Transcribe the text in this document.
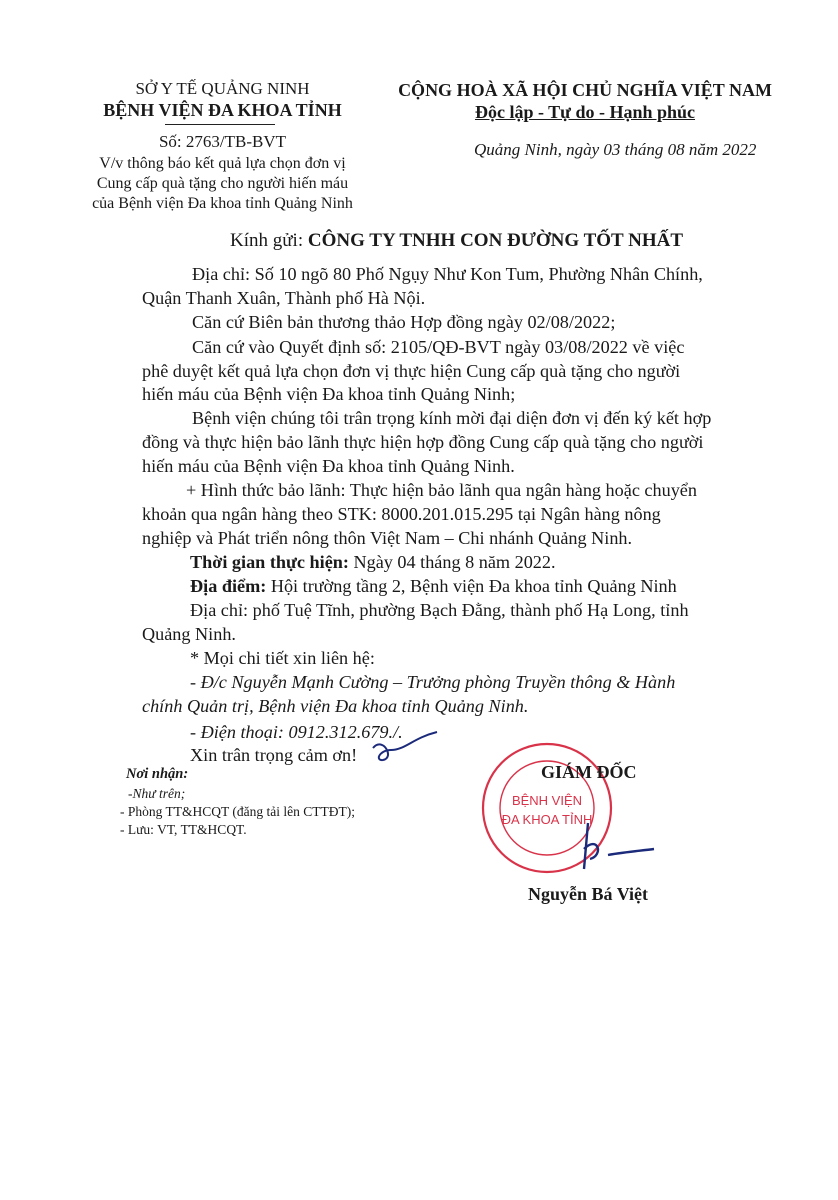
SỞ Y TẾ QUẢNG NINH
BỆNH VIỆN ĐA KHOA TỈNH
Số: 2763/TB-BVT
V/v thông báo kết quả lựa chọn đơn vị
Cung cấp quà tặng cho người hiến máu
của Bệnh viện Đa khoa tỉnh Quảng Ninh
CỘNG HOÀ XÃ HỘI CHỦ NGHĨA VIỆT NAM
Độc lập - Tự do - Hạnh phúc
Quảng Ninh, ngày 03 tháng 08 năm 2022
Kính gửi: CÔNG TY TNHH CON ĐƯỜNG TỐT NHẤT
Địa chỉ: Số 10 ngõ 80 Phố Ngụy Như Kon Tum, Phường Nhân Chính,
Quận Thanh Xuân, Thành phố Hà Nội.
Căn cứ Biên bản thương thảo Hợp đồng ngày 02/08/2022;
Căn cứ vào Quyết định số: 2105/QĐ-BVT ngày 03/08/2022 về việc
phê duyệt kết quả lựa chọn đơn vị thực hiện Cung cấp quà tặng cho người
hiến máu của Bệnh viện Đa khoa tỉnh Quảng Ninh;
Bệnh viện chúng tôi trân trọng kính mời đại diện đơn vị đến ký kết hợp
đồng và thực hiện bảo lãnh thực hiện hợp đồng Cung cấp quà tặng cho người
hiến máu của Bệnh viện Đa khoa tỉnh Quảng Ninh.
+ Hình thức bảo lãnh: Thực hiện bảo lãnh qua ngân hàng hoặc chuyển
khoản qua ngân hàng theo STK: 8000.201.015.295 tại Ngân hàng nông
nghiệp và Phát triển nông thôn Việt Nam – Chi nhánh Quảng Ninh.
Thời gian thực hiện: Ngày 04 tháng 8 năm 2022.
Địa điểm: Hội trường tầng 2, Bệnh viện Đa khoa tỉnh Quảng Ninh
Địa chỉ: phố Tuệ Tĩnh, phường Bạch Đằng, thành phố Hạ Long, tỉnh
Quảng Ninh.
* Mọi chi tiết xin liên hệ:
- Đ/c Nguyễn Mạnh Cường – Trưởng phòng Truyền thông & Hành
chính Quản trị, Bệnh viện Đa khoa tỉnh Quảng Ninh.
- Điện thoại: 0912.312.679./.
Xin trân trọng cảm ơn!
Nơi nhận:
-Như trên;
- Phòng TT&HCQT (đăng tải lên CTTĐT);
- Lưu: VT, TT&HCQT.
BỆNH VIỆN
ĐA KHOA TỈNH
GIÁM ĐỐC
Nguyễn Bá Việt
